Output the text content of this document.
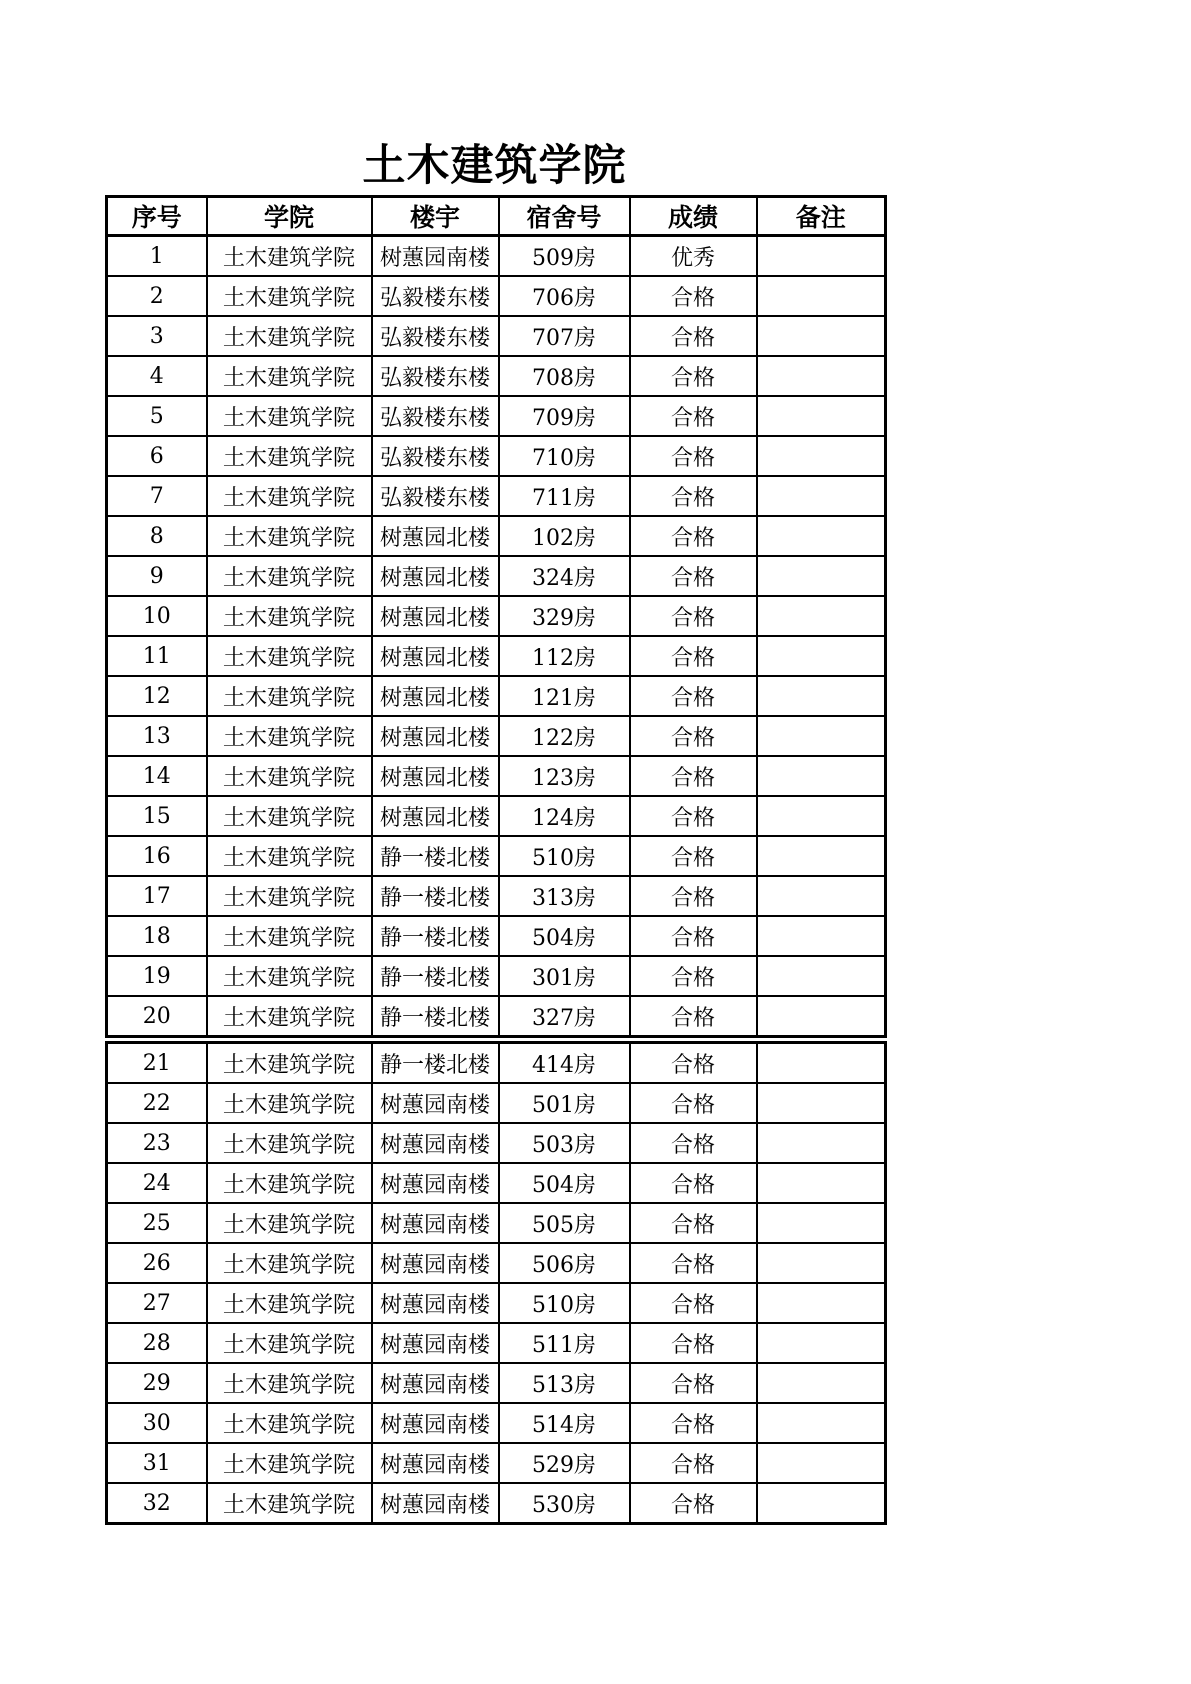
土木建筑学院
序号	学院	楼宇	宿舍号	成绩	备注
1	土木建筑学院	树蕙园南楼	509房	优秀	
2	土木建筑学院	弘毅楼东楼	706房	合格	
3	土木建筑学院	弘毅楼东楼	707房	合格	
4	土木建筑学院	弘毅楼东楼	708房	合格	
5	土木建筑学院	弘毅楼东楼	709房	合格	
6	土木建筑学院	弘毅楼东楼	710房	合格	
7	土木建筑学院	弘毅楼东楼	711房	合格	
8	土木建筑学院	树蕙园北楼	102房	合格	
9	土木建筑学院	树蕙园北楼	324房	合格	
10	土木建筑学院	树蕙园北楼	329房	合格	
11	土木建筑学院	树蕙园北楼	112房	合格	
12	土木建筑学院	树蕙园北楼	121房	合格	
13	土木建筑学院	树蕙园北楼	122房	合格	
14	土木建筑学院	树蕙园北楼	123房	合格	
15	土木建筑学院	树蕙园北楼	124房	合格	
16	土木建筑学院	静一楼北楼	510房	合格	
17	土木建筑学院	静一楼北楼	313房	合格	
18	土木建筑学院	静一楼北楼	504房	合格	
19	土木建筑学院	静一楼北楼	301房	合格	
20	土木建筑学院	静一楼北楼	327房	合格	
21	土木建筑学院	静一楼北楼	414房	合格	
22	土木建筑学院	树蕙园南楼	501房	合格	
23	土木建筑学院	树蕙园南楼	503房	合格	
24	土木建筑学院	树蕙园南楼	504房	合格	
25	土木建筑学院	树蕙园南楼	505房	合格	
26	土木建筑学院	树蕙园南楼	506房	合格	
27	土木建筑学院	树蕙园南楼	510房	合格	
28	土木建筑学院	树蕙园南楼	511房	合格	
29	土木建筑学院	树蕙园南楼	513房	合格	
30	土木建筑学院	树蕙园南楼	514房	合格	
31	土木建筑学院	树蕙园南楼	529房	合格	
32	土木建筑学院	树蕙园南楼	530房	合格	
